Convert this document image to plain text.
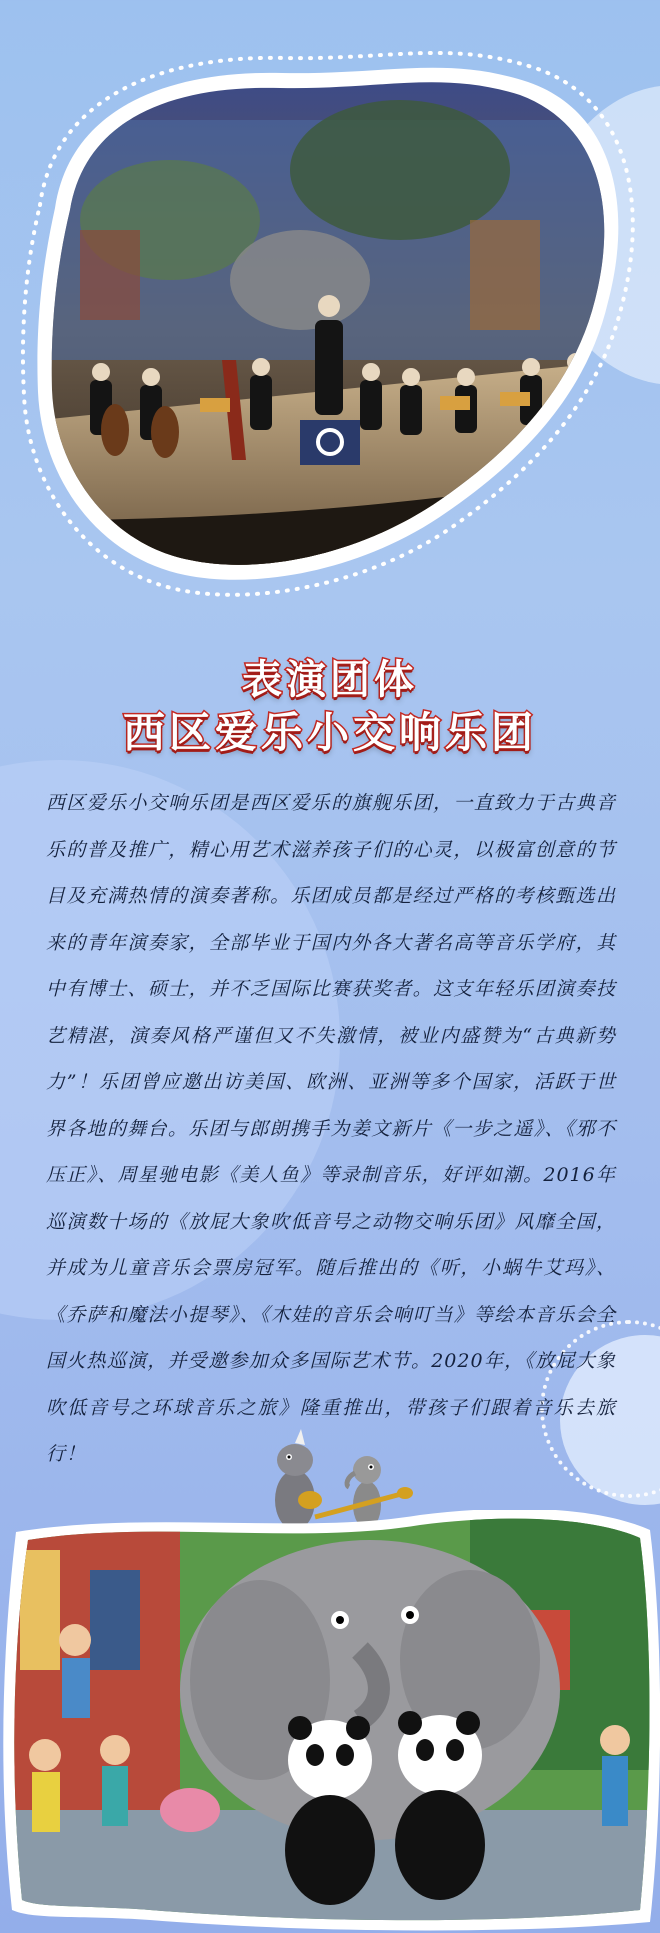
表演团体
西区爱乐小交响乐团
西区爱乐小交响乐团是西区爱乐的旗舰乐团，一直致力于古典音乐的普及推广，精心用艺术滋养孩子们的心灵，以极富创意的节目及充满热情的演奏著称。乐团成员都是经过严格的考核甄选出来的青年演奏家，全部毕业于国内外各大著名高等音乐学府，其中有博士、硕士，并不乏国际比赛获奖者。这支年轻乐团演奏技艺精湛，演奏风格严谨但又不失激情，被业内盛赞为“古典新势力”！乐团曾应邀出访美国、欧洲、亚洲等多个国家，活跃于世界各地的舞台。乐团与郎朗携手为姜文新片《一步之遥》、《邪不压正》、周星驰电影《美人鱼》等录制音乐，好评如潮。2016年巡演数十场的《放屁大象吹低音号之动物交响乐团》风靡全国，并成为儿童音乐会票房冠军。随后推出的《听，小蜗牛艾玛》、《乔萨和魔法小提琴》、《木娃的音乐会响叮当》等绘本音乐会全国火热巡演，并受邀参加众多国际艺术节。2020年，《放屁大象吹低音号之环球音乐之旅》隆重推出，带孩子们跟着音乐去旅行！
